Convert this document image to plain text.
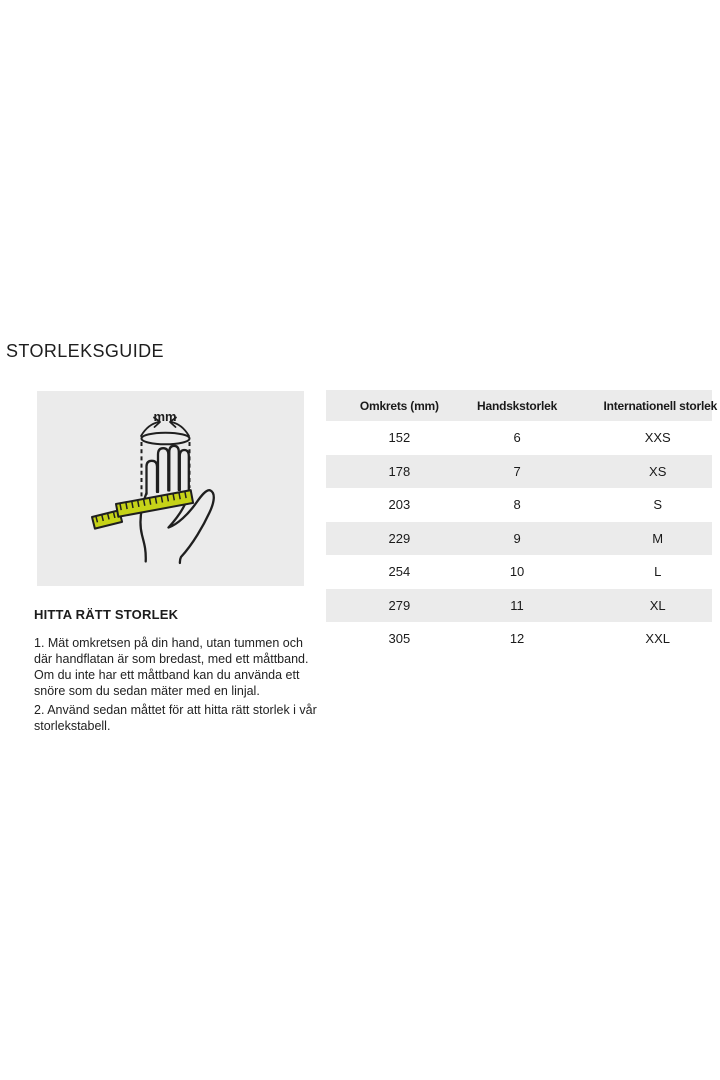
STORLEKSGUIDE
mm
Omkrets (mm)	Handskstorlek	Internationell storlek
152	6	XXS
178	7	XS
203	8	S
229	9	M
254	10	L
279	11	XL
305	12	XXL
HITTA RÄTT STORLEK

1. Mät omkretsen på din hand, utan tummen och där handflatan är som bredast, med ett måttband. Om du inte har ett måttband kan du använda ett snöre som du sedan mäter med en linjal.

2. Använd sedan måttet för att hitta rätt storlek i vår storlekstabell.
